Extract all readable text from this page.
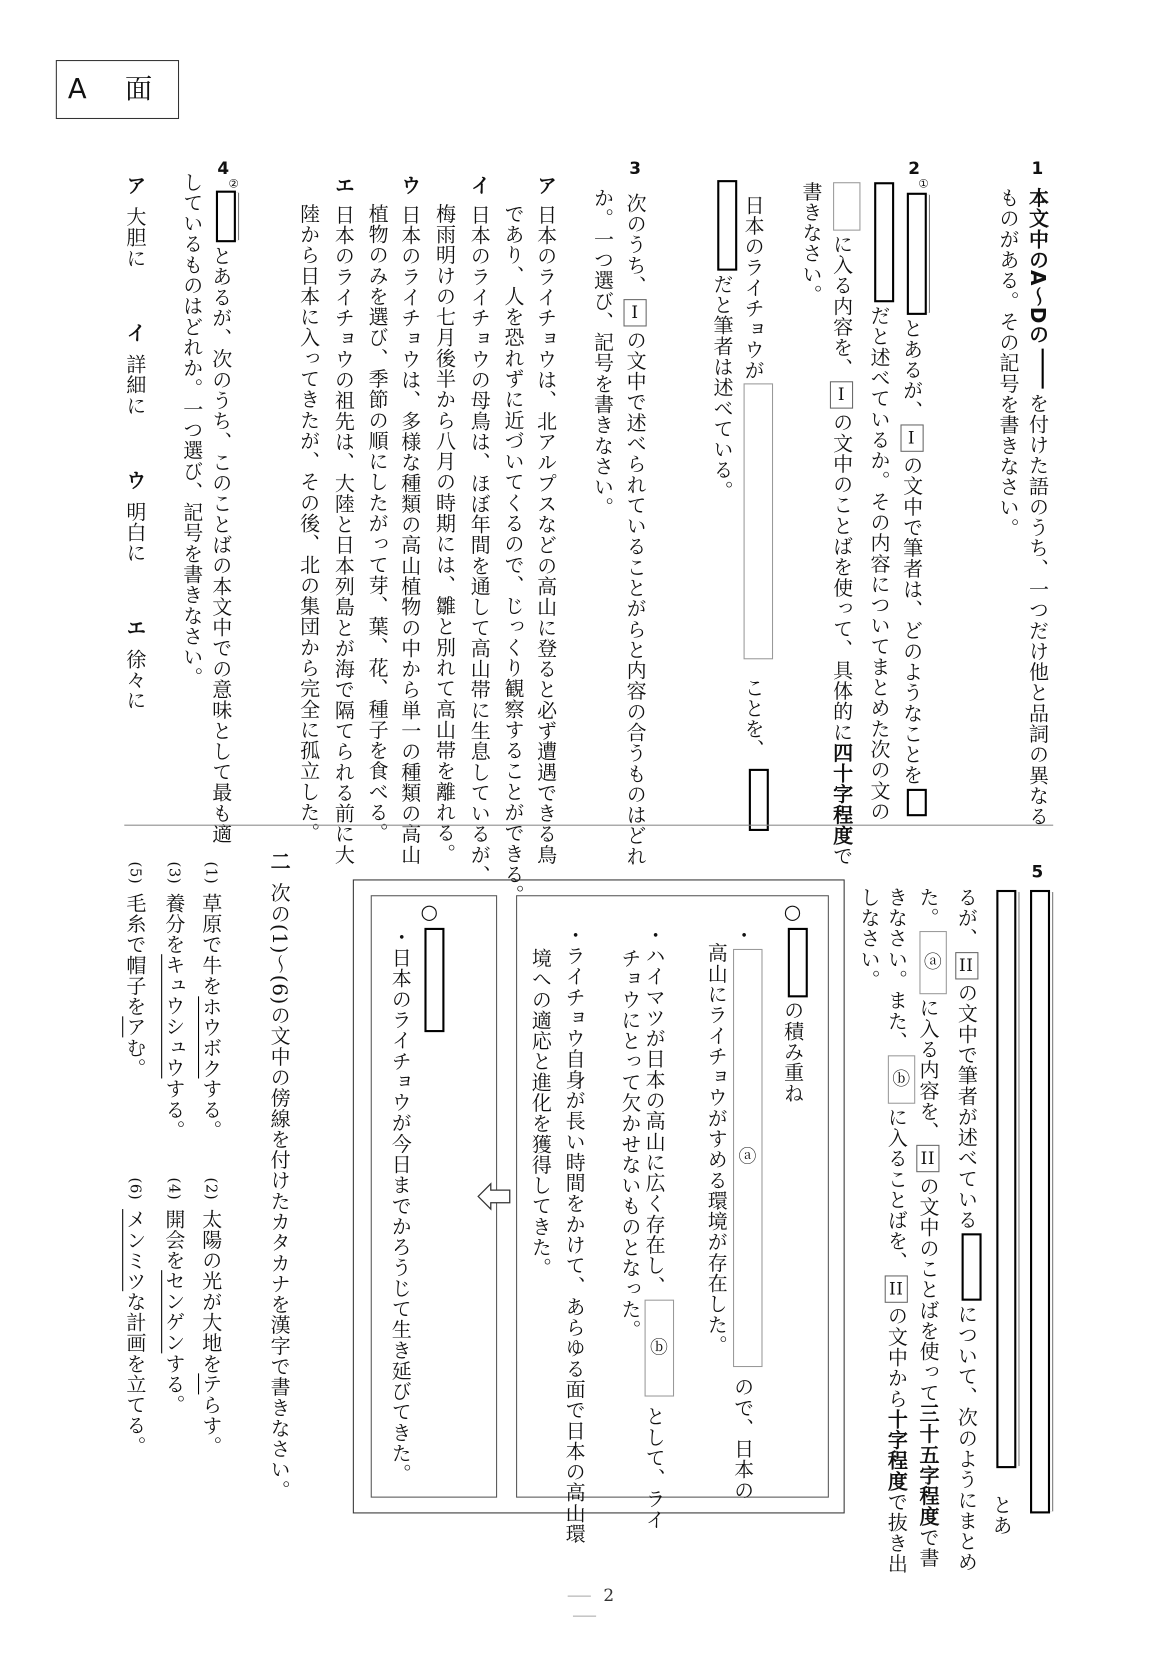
A 面
1
本文中のA〜Dのを付けた語のうち、一つだけ他と品詞の異なる
ものがある。その記号を書きなさい。
2
①
とあるが、Iの文中で筆者は、どのようなことを
だと述べているか。その内容についてまとめた次の文の
に入る内容を、Iの文中のことばを使って、具体的に四十字程度で
書きなさい。
日本のライチョウがことを、
だと筆者は述べている。
3
次のうち、Iの文中で述べられていることがらと内容の合うものはどれ
か。一つ選び、記号を書きなさい。
ア日本のライチョウは、北アルプスなどの高山に登ると必ず遭遇できる鳥
であり、人を恐れずに近づいてくるので、じっくり観察することができる。
イ日本のライチョウの母鳥は、ほぼ年間を通して高山帯に生息しているが、
梅雨明けの七月後半から八月の時期には、雛と別れて高山帯を離れる。
ウ日本のライチョウは、多様な種類の高山植物の中から単一の種類の高山
植物のみを選び、季節の順にしたがって芽、葉、花、種子を食べる。
エ日本のライチョウの祖先は、大陸と日本列島とが海で隔てられる前に大
陸から日本に入ってきたが、その後、北の集団から完全に孤立した。
4
②
とあるが、次のうち、このことばの本文中での意味として最も適
しているものはどれか。一つ選び、記号を書きなさい。
ア大胆に
イ詳細に
ウ明白に
エ徐々に
5
とあ
るが、IIの文中で筆者が述べているについて、次のようにまとめ
た。
ⓐ
に入る内容を、IIの文中のことばを使って三十五字程度で書
きなさい。また、
ⓑ
に入ることばを、IIの文中から十字程度で抜き出
しなさい。
○の積み重ね
・
ⓐ
ので、日本の
高山にライチョウがすめる環境が存在した。
・ハイマツが日本の高山に広く存在し、
ⓑ
として、ライ
チョウにとって欠かせないものとなった。
・ライチョウ自身が長い時間をかけて、あらゆる面で日本の高山環
境への適応と進化を獲得してきた。
○
・日本のライチョウが今日までかろうじて生き延びてきた。
二次の(1)〜(6)の文中の傍線を付けたカタカナを漢字で書きなさい。
(1)草原で牛をホウボクする。
(2)太陽の光が大地をテらす。
(3)養分をキュウシュウする。
(4)開会をセンゲンする。
(5)毛糸で帽子をアむ。
(6)メンミツな計画を立てる。
2
